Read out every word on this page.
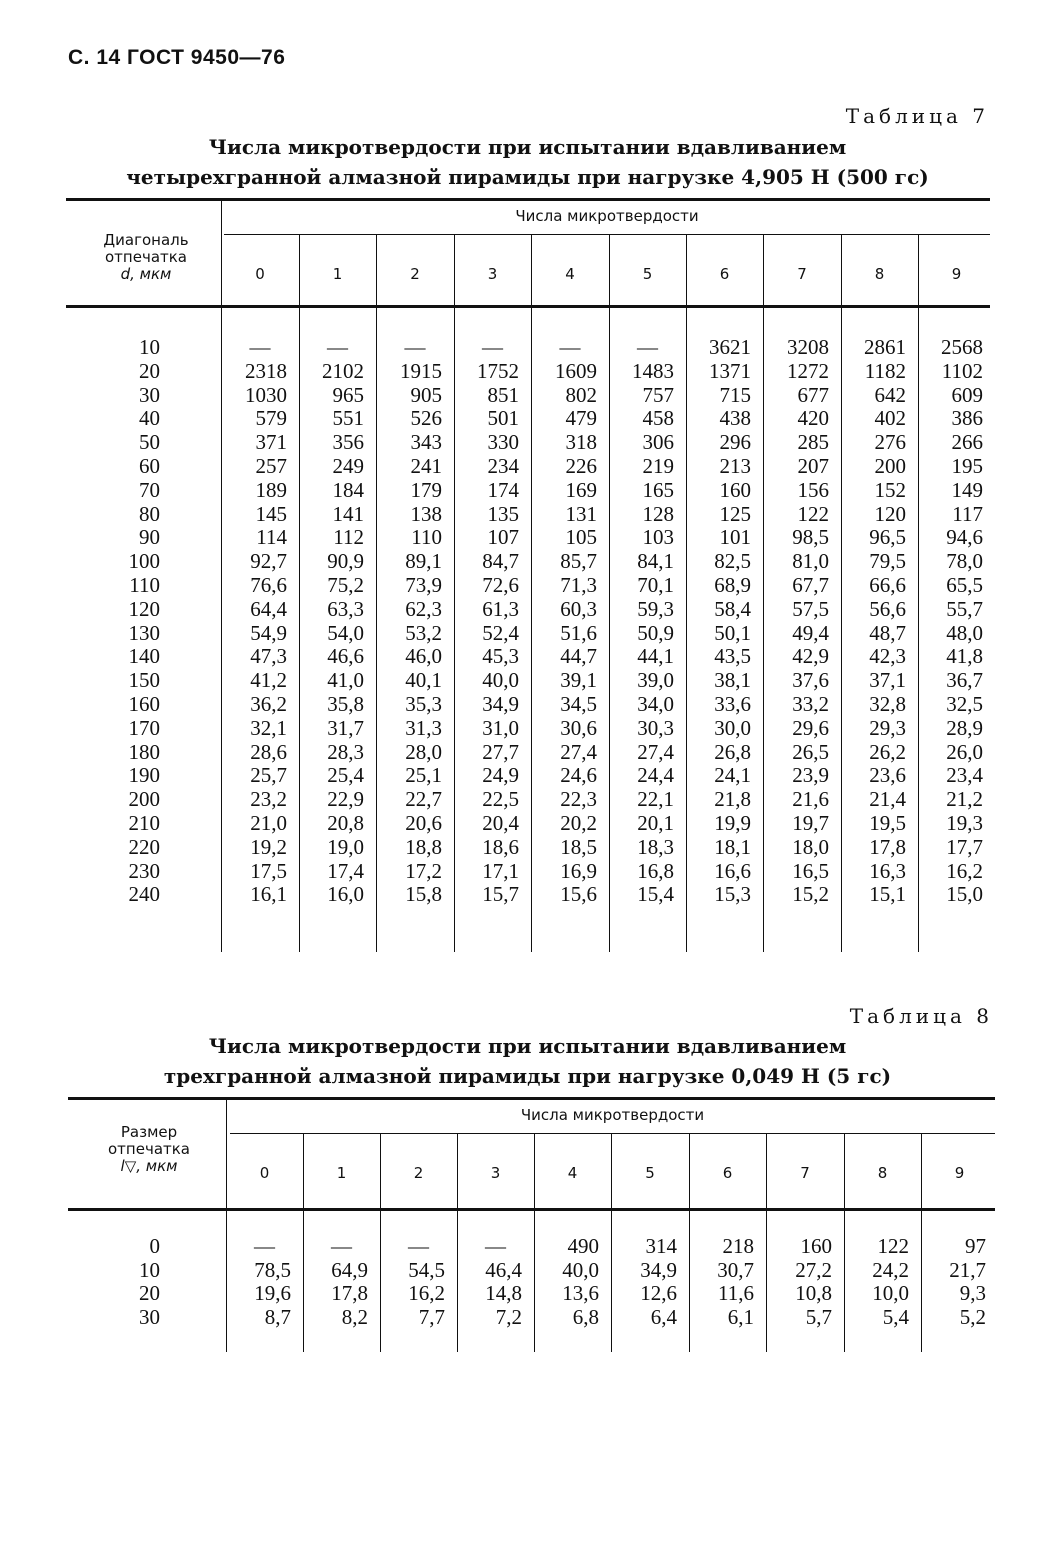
С. 14 ГОСТ 9450—76
Таблица 7
Числа микротвердости при испытании вдавливанием
четырехгранной алмазной пирамиды при нагрузке 4,905 Н (500 гс)
Диагональ
отпечатка
d, мкм
Числа микротвердости
0	1	2	3	4	5	6	7	8	9
10	—	—	—	—	—	—	3621	3208	2861	2568
20	2318	2102	1915	1752	1609	1483	1371	1272	1182	1102
30	1030	965	905	851	802	757	715	677	642	609
40	579	551	526	501	479	458	438	420	402	386
50	371	356	343	330	318	306	296	285	276	266
60	257	249	241	234	226	219	213	207	200	195
70	189	184	179	174	169	165	160	156	152	149
80	145	141	138	135	131	128	125	122	120	117
90	114	112	110	107	105	103	101	98,5	96,5	94,6
100	92,7	90,9	89,1	84,7	85,7	84,1	82,5	81,0	79,5	78,0
110	76,6	75,2	73,9	72,6	71,3	70,1	68,9	67,7	66,6	65,5
120	64,4	63,3	62,3	61,3	60,3	59,3	58,4	57,5	56,6	55,7
130	54,9	54,0	53,2	52,4	51,6	50,9	50,1	49,4	48,7	48,0
140	47,3	46,6	46,0	45,3	44,7	44,1	43,5	42,9	42,3	41,8
150	41,2	41,0	40,1	40,0	39,1	39,0	38,1	37,6	37,1	36,7
160	36,2	35,8	35,3	34,9	34,5	34,0	33,6	33,2	32,8	32,5
170	32,1	31,7	31,3	31,0	30,6	30,3	30,0	29,6	29,3	28,9
180	28,6	28,3	28,0	27,7	27,4	27,4	26,8	26,5	26,2	26,0
190	25,7	25,4	25,1	24,9	24,6	24,4	24,1	23,9	23,6	23,4
200	23,2	22,9	22,7	22,5	22,3	22,1	21,8	21,6	21,4	21,2
210	21,0	20,8	20,6	20,4	20,2	20,1	19,9	19,7	19,5	19,3
220	19,2	19,0	18,8	18,6	18,5	18,3	18,1	18,0	17,8	17,7
230	17,5	17,4	17,2	17,1	16,9	16,8	16,6	16,5	16,3	16,2
240	16,1	16,0	15,8	15,7	15,6	15,4	15,3	15,2	15,1	15,0
Таблица 8
Числа микротвердости при испытании вдавливанием
трехгранной алмазной пирамиды при нагрузке 0,049 Н (5 гс)
Размер
отпечатка
l▽, мкм
Числа микротвердости
0	1	2	3	4	5	6	7	8	9
0	—	—	—	—	490	314	218	160	122	97
10	78,5	64,9	54,5	46,4	40,0	34,9	30,7	27,2	24,2	21,7
20	19,6	17,8	16,2	14,8	13,6	12,6	11,6	10,8	10,0	9,3
30	8,7	8,2	7,7	7,2	6,8	6,4	6,1	5,7	5,4	5,2
